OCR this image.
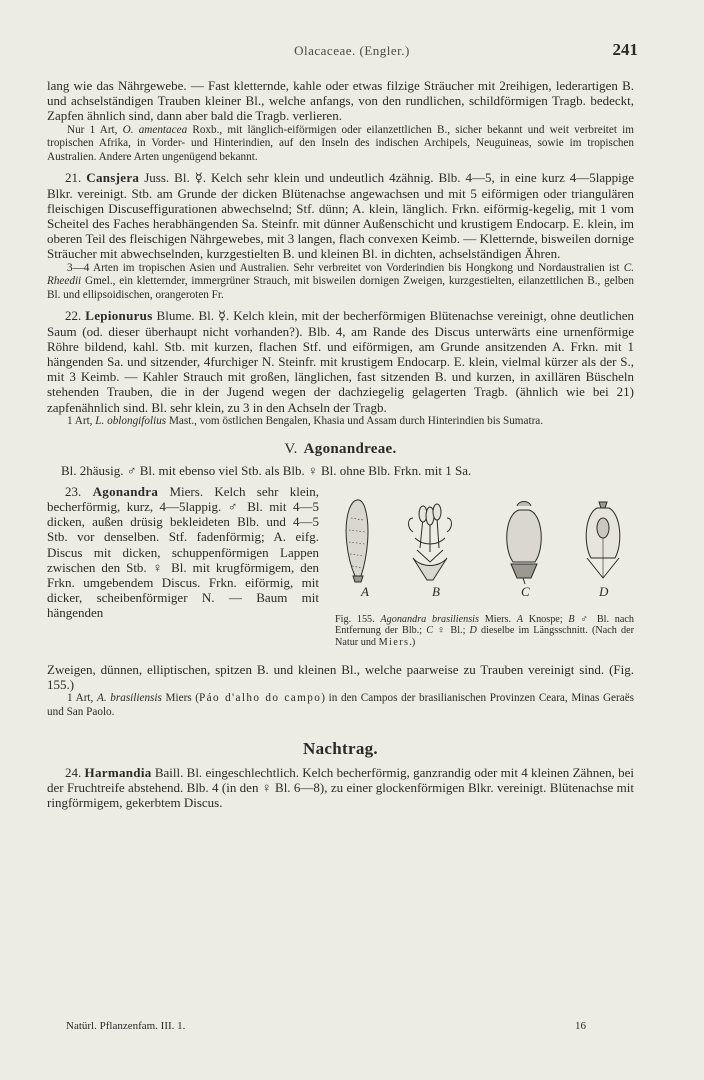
Olacaceae. (Engler.)	241

lang wie das Nährgewebe. — Fast kletternde, kahle oder etwas filzige Sträucher mit 2reihigen, lederartigen B. und achselständigen Trauben kleiner Bl., welche anfangs, von den rundlichen, schildförmigen Tragb. bedeckt, Zapfen ähnlich sind, dann aber bald die Tragb. verlieren.

Nur 1 Art, O. amentacea Roxb., mit länglich-eiförmigen oder eilanzettlichen B., sicher bekannt und weit verbreitet im tropischen Afrika, in Vorder- und Hinterindien, auf den Inseln des indischen Archipels, Neuguineas, sowie im tropischen Australien. Andere Arten ungenügend bekannt.

21. Cansjera Juss. Bl. ☿. Kelch sehr klein und undeutlich 4zähnig. Blb. 4—5, in eine kurz 4—5lappige Blkr. vereinigt. Stb. am Grunde der dicken Blütenachse angewachsen und mit 5 eiförmigen oder triangulären fleischigen Discuseffigurationen abwechselnd; Stf. dünn; A. klein, länglich. Frkn. eiförmig-kegelig, mit 1 vom Scheitel des Faches herabhängenden Sa. Steinfr. mit dünner Außenschicht und krustigem Endocarp. E. klein, im oberen Teil des fleischigen Nährgewebes, mit 3 langen, flach convexen Keimb. — Kletternde, bisweilen dornige Sträucher mit abwechselnden, kurzgestielten B. und kleinen Bl. in dichten, achselständigen Ähren.

3—4 Arten im tropischen Asien und Australien. Sehr verbreitet von Vorderindien bis Hongkong und Nordaustralien ist C. Rheedii Gmel., ein kletternder, immergrüner Strauch, mit bisweilen dornigen Zweigen, kurzgestielten, eilanzettlichen B., gelben Bl. und ellipsoidischen, orangeroten Fr.

22. Lepionurus Blume. Bl. ☿. Kelch klein, mit der becherförmigen Blütenachse vereinigt, ohne deutlichen Saum (od. dieser überhaupt nicht vorhanden?). Blb. 4, am Rande des Discus unterwärts eine urnenförmige Röhre bildend, kahl. Stb. mit kurzen, flachen Stf. und eiförmigen, am Grunde ansitzenden A. Frkn. mit 1 hängenden Sa. und sitzender, 4furchiger N. Steinfr. mit krustigem Endocarp. E. klein, vielmal kürzer als der S., mit 3 Keimb. — Kahler Strauch mit großen, länglichen, fast sitzenden B. und kurzen, in axillären Büscheln stehenden Trauben, die in der Jugend wegen der dachziegelig gelagerten Tragb. (ähnlich wie bei 21) zapfenähnlich sind. Bl. sehr klein, zu 3 in den Achseln der Tragb.

1 Art, L. oblongifolius Mast., vom östlichen Bengalen, Khasia und Assam durch Hinterindien bis Sumatra.

V. Agonandreae.

Bl. 2häusig. ♂ Bl. mit ebenso viel Stb. als Blb. ♀ Bl. ohne Blb. Frkn. mit 1 Sa.

23. Agonandra Miers. Kelch sehr klein, becherförmig, kurz, 4—5lappig. ♂ Bl. mit 4—5 dicken, außen drüsig bekleideten Blb. und 4—5 Stb. vor denselben. Stf. fadenförmig; A. eifg. Discus mit dicken, schuppenförmigen Lappen zwischen den Stb. ♀ Bl. mit krugförmigem, den Frkn. umgebendem Discus. Frkn. eiförmig, mit dicker, scheibenförmiger N. — Baum mit hängenden

A	B	C	D
Fig. 155. Agonandra brasiliensis Miers. A Knospe; B ♂ Bl. nach Entfernung der Blb.; C ♀ Bl.; D dieselbe im Längsschnitt. (Nach der Natur und Miers.)

Zweigen, dünnen, elliptischen, spitzen B. und kleinen Bl., welche paarweise zu Trauben vereinigt sind. (Fig. 155.)

1 Art, A. brasiliensis Miers (Páo d'alho do campo) in den Campos der brasilianischen Provinzen Ceara, Minas Geraës und San Paolo.

Nachtrag.

24. Harmandia Baill. Bl. eingeschlechtlich. Kelch becherförmig, ganzrandig oder mit 4 kleinen Zähnen, bei der Fruchtreife abstehend. Blb. 4 (in den ♀ Bl. 6—8), zu einer glockenförmigen Blkr. vereinigt. Blütenachse mit ringförmigem, gekerbtem Discus.

Natürl. Pflanzenfam. III. 1.	16
